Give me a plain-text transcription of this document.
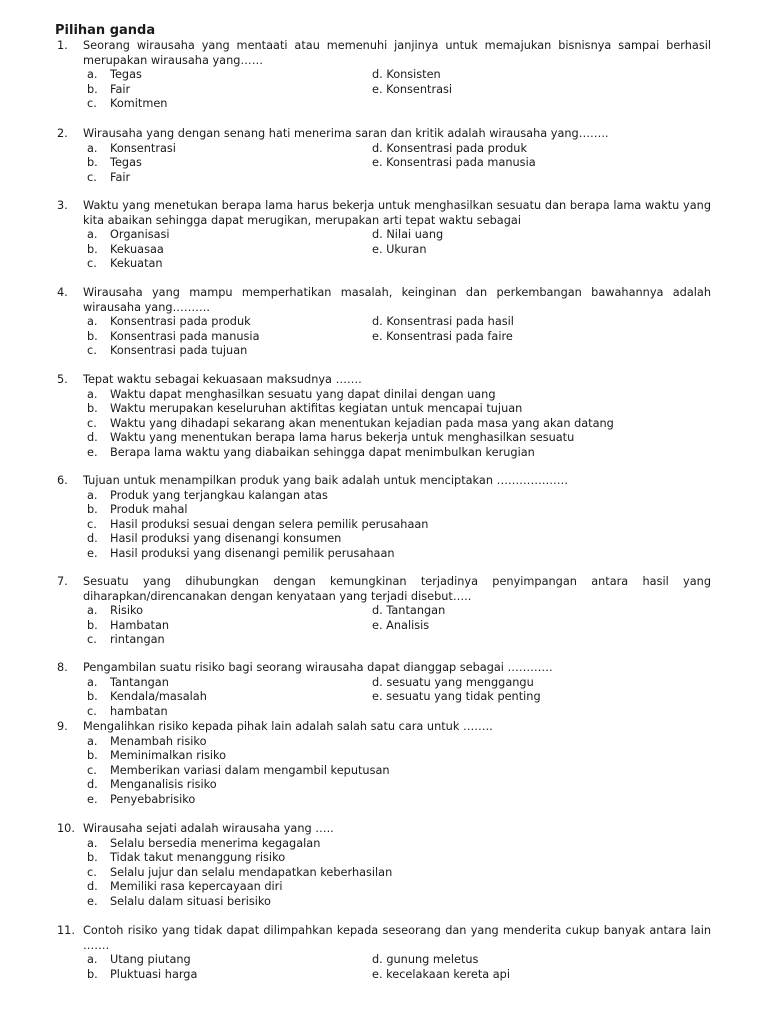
Pilihan ganda
1.	Seorang wirausaha yang mentaati atau memenuhi janjinya untuk memajukan bisnisnya sampai berhasil merupakan wirausaha yang……
a. Tegas	d. Konsisten
b. Fair	e. Konsentrasi
c. Komitmen
2.	Wirausaha yang dengan senang hati menerima saran dan kritik adalah wirausaha yang……..
a. Konsentrasi	d. Konsentrasi pada produk
b. Tegas	e. Konsentrasi pada manusia
c. Fair
3.	Waktu yang menetukan berapa lama harus bekerja untuk menghasilkan sesuatu dan berapa lama waktu yang kita abaikan sehingga dapat merugikan, merupakan arti tepat waktu sebagai
a. Organisasi	d. Nilai uang
b. Kekuasaa	e. Ukuran
c. Kekuatan
4.	Wirausaha yang mampu memperhatikan masalah, keinginan dan perkembangan bawahannya adalah wirausaha yang……….
a. Konsentrasi pada produk	d. Konsentrasi pada hasil
b. Konsentrasi pada manusia	e. Konsentrasi pada faire
c. Konsentrasi pada tujuan
5.	Tepat waktu sebagai kekuasaan maksudnya …….
a. Waktu dapat menghasilkan sesuatu yang dapat dinilai dengan uang
b. Waktu merupakan keseluruhan aktifitas kegiatan untuk mencapai tujuan
c. Waktu yang dihadapi sekarang akan menentukan kejadian pada masa yang akan datang
d. Waktu yang menentukan berapa lama harus bekerja untuk menghasilkan sesuatu
e. Berapa lama waktu yang diabaikan sehingga dapat menimbulkan kerugian
6.	Tujuan untuk menampilkan produk yang baik adalah untuk menciptakan ……………….
a. Produk yang terjangkau kalangan atas
b. Produk mahal
c. Hasil produksi sesuai dengan selera pemilik perusahaan
d. Hasil produksi yang disenangi konsumen
e. Hasil produksi yang disenangi pemilik perusahaan
7.	Sesuatu yang dihubungkan dengan kemungkinan terjadinya penyimpangan antara hasil yang diharapkan/direncanakan dengan kenyataan yang terjadi disebut…..
a. Risiko	d. Tantangan
b. Hambatan	e. Analisis
c. rintangan
8.	Pengambilan suatu risiko bagi seorang wirausaha dapat dianggap sebagai …………
a. Tantangan	d. sesuatu yang menggangu
b. Kendala/masalah	e. sesuatu yang tidak penting
c. hambatan
9.	Mengalihkan risiko kepada pihak lain adalah salah satu cara untuk ……..
a. Menambah risiko
b. Meminimalkan risiko
c. Memberikan variasi dalam mengambil keputusan
d. Menganalisis risiko
e. Penyebabrisiko
10. Wirausaha sejati adalah wirausaha yang …..
a. Selalu bersedia menerima kegagalan
b. Tidak takut menanggung risiko
c. Selalu jujur dan selalu mendapatkan keberhasilan
d. Memiliki rasa kepercayaan diri
e. Selalu dalam situasi berisiko
11. Contoh risiko yang tidak dapat dilimpahkan kepada seseorang dan yang menderita cukup banyak antara lain …….
a. Utang piutang	d. gunung meletus
b. Pluktuasi harga	e. kecelakaan kereta api
